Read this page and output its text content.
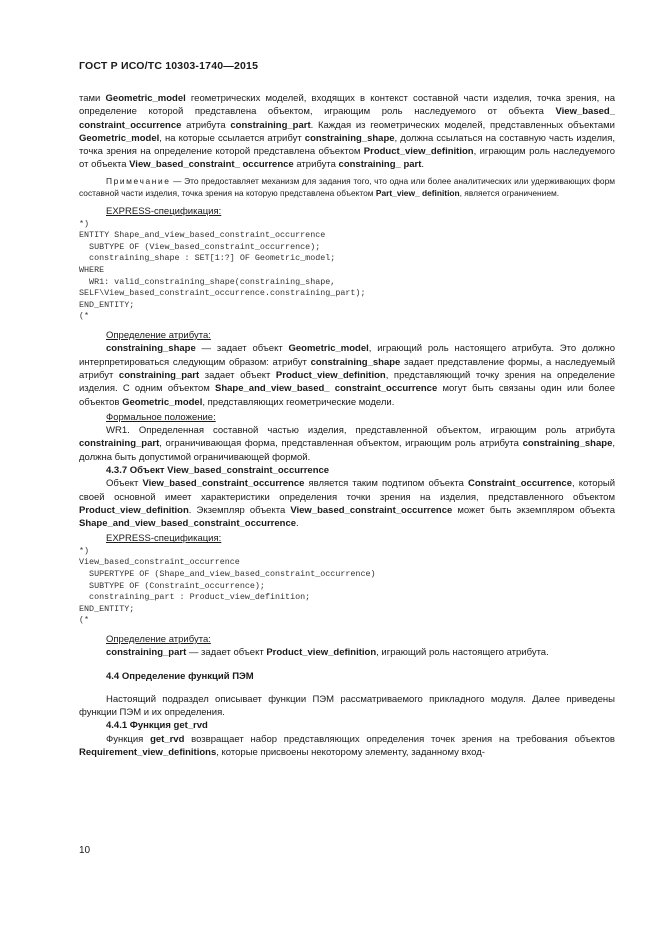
ГОСТ Р ИСО/ТС 10303-1740—2015

тами Geometric_model геометрических моделей, входящих в контекст составной части изделия, точка зрения, на определение которой представлена объектом, играющим роль наследуемого от объекта View_based_ constraint_occurrence атрибута constraining_part. Каждая из геометрических моделей, представленных объектами Geometric_model, на которые ссылается атрибут constraining_shape, должна ссылаться на составную часть изделия, точка зрения на определение которой представлена объектом Product_view_definition, играющим роль наследуемого от объекта View_based_constraint_ occurrence атрибута constraining_ part.

Примечание — Это предоставляет механизм для задания того, что одна или более аналитических или удерживающих форм составной части изделия, точка зрения на которую представлена объектом Part_view_ definition, является ограничением.

EXPRESS-спецификация:
*)
ENTITY Shape_and_view_based_constraint_occurrence
SUBTYPE OF (View_based_constraint_occurrence);
constraining_shape : SET[1:?] OF Geometric_model;
WHERE
WR1: valid_constraining_shape(constraining_shape,
SELF\View_based_constraint_occurrence.constraining_part);
END_ENTITY;
(*
Определение атрибута:

constraining_shape — задает объект Geometric_model, играющий роль настоящего атрибута. Это должно интерпретироваться следующим образом: атрибут constraining_shape задает представление формы, а наследуемый атрибут constraining_part задает объект Product_view_definition, представляющий точку зрения на определение изделия. С одним объектом Shape_and_view_based_ constraint_occurrence могут быть связаны один или более объектов Geometric_model, представляющих геометрические модели.

Формальное положение:

WR1. Определенная составной частью изделия, представленной объектом, играющим роль атрибута constraining_part, ограничивающая форма, представленная объектом, играющим роль атрибута constraining_shape, должна быть допустимой ограничивающей формой.

4.3.7 Объект View_based_constraint_occurrence

Объект View_based_constraint_occurrence является таким подтипом объекта Constraint_occurrence, который своей основной имеет характеристики определения точки зрения на изделия, представленного объектом Product_view_definition. Экземпляр объекта View_based_constraint_occurrence может быть экземпляром объекта Shape_and_view_based_constraint_occurrence.

EXPRESS-спецификация:
*)
View_based_constraint_occurrence
SUPERTYPE OF (Shape_and_view_based_constraint_occurrence)
SUBTYPE OF (Constraint_occurrence);
constraining_part : Product_view_definition;
END_ENTITY;
(*
Определение атрибута:

constraining_part — задает объект Product_view_definition, играющий роль настоящего атрибута.

4.4 Определение функций ПЭМ

Настоящий подраздел описывает функции ПЭМ рассматриваемого прикладного модуля. Далее приведены функции ПЭМ и их определения.

4.4.1 Функция get_rvd

Функция get_rvd возвращает набор представляющих определения точек зрения на требования объектов Requirement_view_definitions, которые присвоены некоторому элементу, заданному вход-

10
